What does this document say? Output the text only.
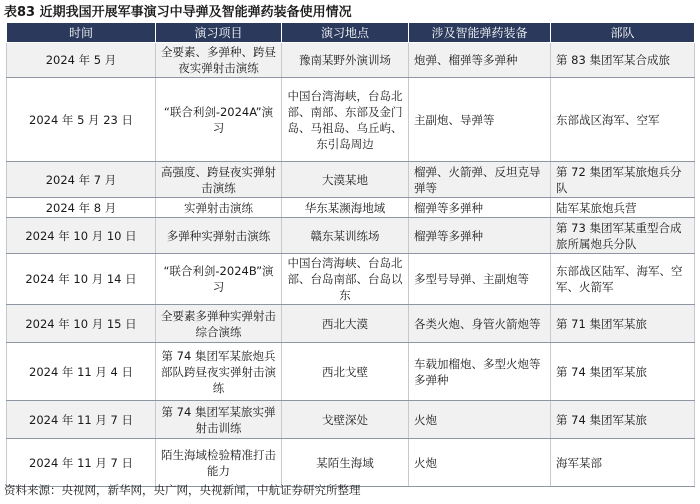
表83 近期我国开展军事演习中导弹及智能弹药装备使用情况
时间	演习项目	演习地点	涉及智能弹药装备	部队
2024 年 5 月	全要素、多弹种、跨昼夜实弹射击演练	豫南某野外演训场	炮弹、榴弹等多弹种	第 83 集团军某合成旅
2024 年 5 月 23 日	“联合利剑-2024A”演习	中国台湾海峡，台岛北部、南部、东部及金门岛、马祖岛、乌丘屿、东引岛周边	主副炮、导弹等	东部战区海军、空军
2024 年 7 月	高强度、跨昼夜实弹射击演练	大漠某地	榴弹、火箭弹、反坦克导弹等	第 72 集团军某旅炮兵分队
2024 年 8 月	实弹射击演练	华东某濒海地域	榴弹等多弹种	陆军某旅炮兵营
2024 年 10 月 10 日	多弹种实弹射击演练	赣东某训练场	榴弹等多弹种	第 73 集团军某重型合成旅所属炮兵分队
2024 年 10 月 14 日	“联合利剑-2024B”演习	中国台湾海峡、台岛北部、台岛南部、台岛以东	多型号导弹、主副炮等	东部战区陆军、海军、空军、火箭军
2024 年 10 月 15 日	全要素多弹种实弹射击综合演练	西北大漠	各类火炮、身管火箭炮等	第 71 集团军某旅
2024 年 11 月 4 日	第 74 集团军某旅炮兵部队跨昼夜实弹射击演练	西北戈壁	车载加榴炮、多型火炮等多弹种	第 74 集团军某旅
2024 年 11 月 7 日	第 74 集团军某旅实弹射击训练	戈壁深处	火炮	第 74 集团军某旅
2024 年 11 月 7 日	陌生海域检验精准打击能力	某陌生海域	火炮	海军某部
资料来源：央视网，新华网，央广网，央视新闻，中航证券研究所整理
